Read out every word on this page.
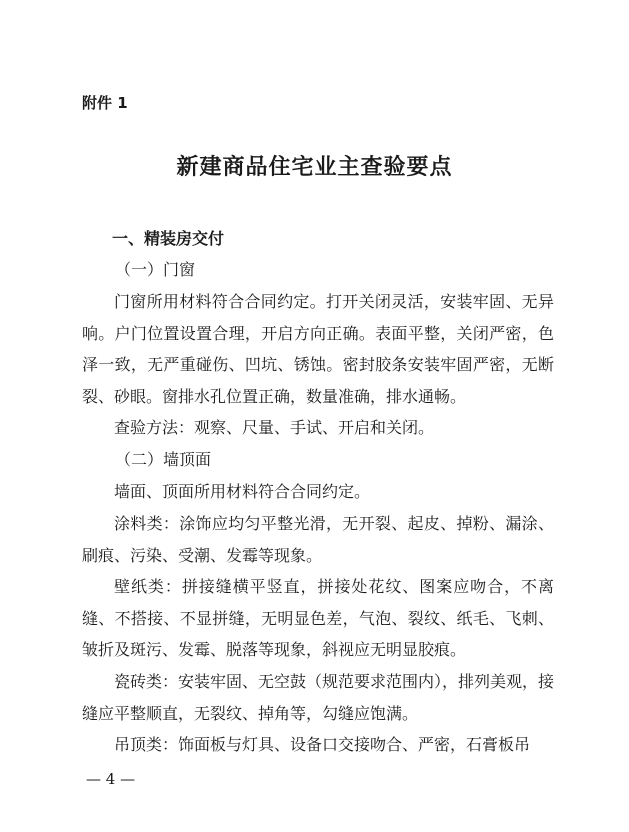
附件 1
新建商品住宅业主查验要点
一、精装房交付
（一）门窗
门窗所用材料符合合同约定。打开关闭灵活，安装牢固、无异响。户门位置设置合理，开启方向正确。表面平整，关闭严密，色泽一致，无严重碰伤、凹坑、锈蚀。密封胶条安装牢固严密，无断裂、砂眼。窗排水孔位置正确，数量准确，排水通畅。
查验方法：观察、尺量、手试、开启和关闭。
（二）墙顶面
墙面、顶面所用材料符合合同约定。
涂料类：涂饰应均匀平整光滑，无开裂、起皮、掉粉、漏涂、刷痕、污染、受潮、发霉等现象。
壁纸类：拼接缝横平竖直，拼接处花纹、图案应吻合，不离缝、不搭接、不显拼缝，无明显色差，气泡、裂纹、纸毛、飞刺、皱折及斑污、发霉、脱落等现象，斜视应无明显胶痕。
瓷砖类：安装牢固、无空鼓（规范要求范围内），排列美观，接缝应平整顺直，无裂纹、掉角等，勾缝应饱满。
吊顶类：饰面板与灯具、设备口交接吻合、严密，石膏板吊
— 4 —
